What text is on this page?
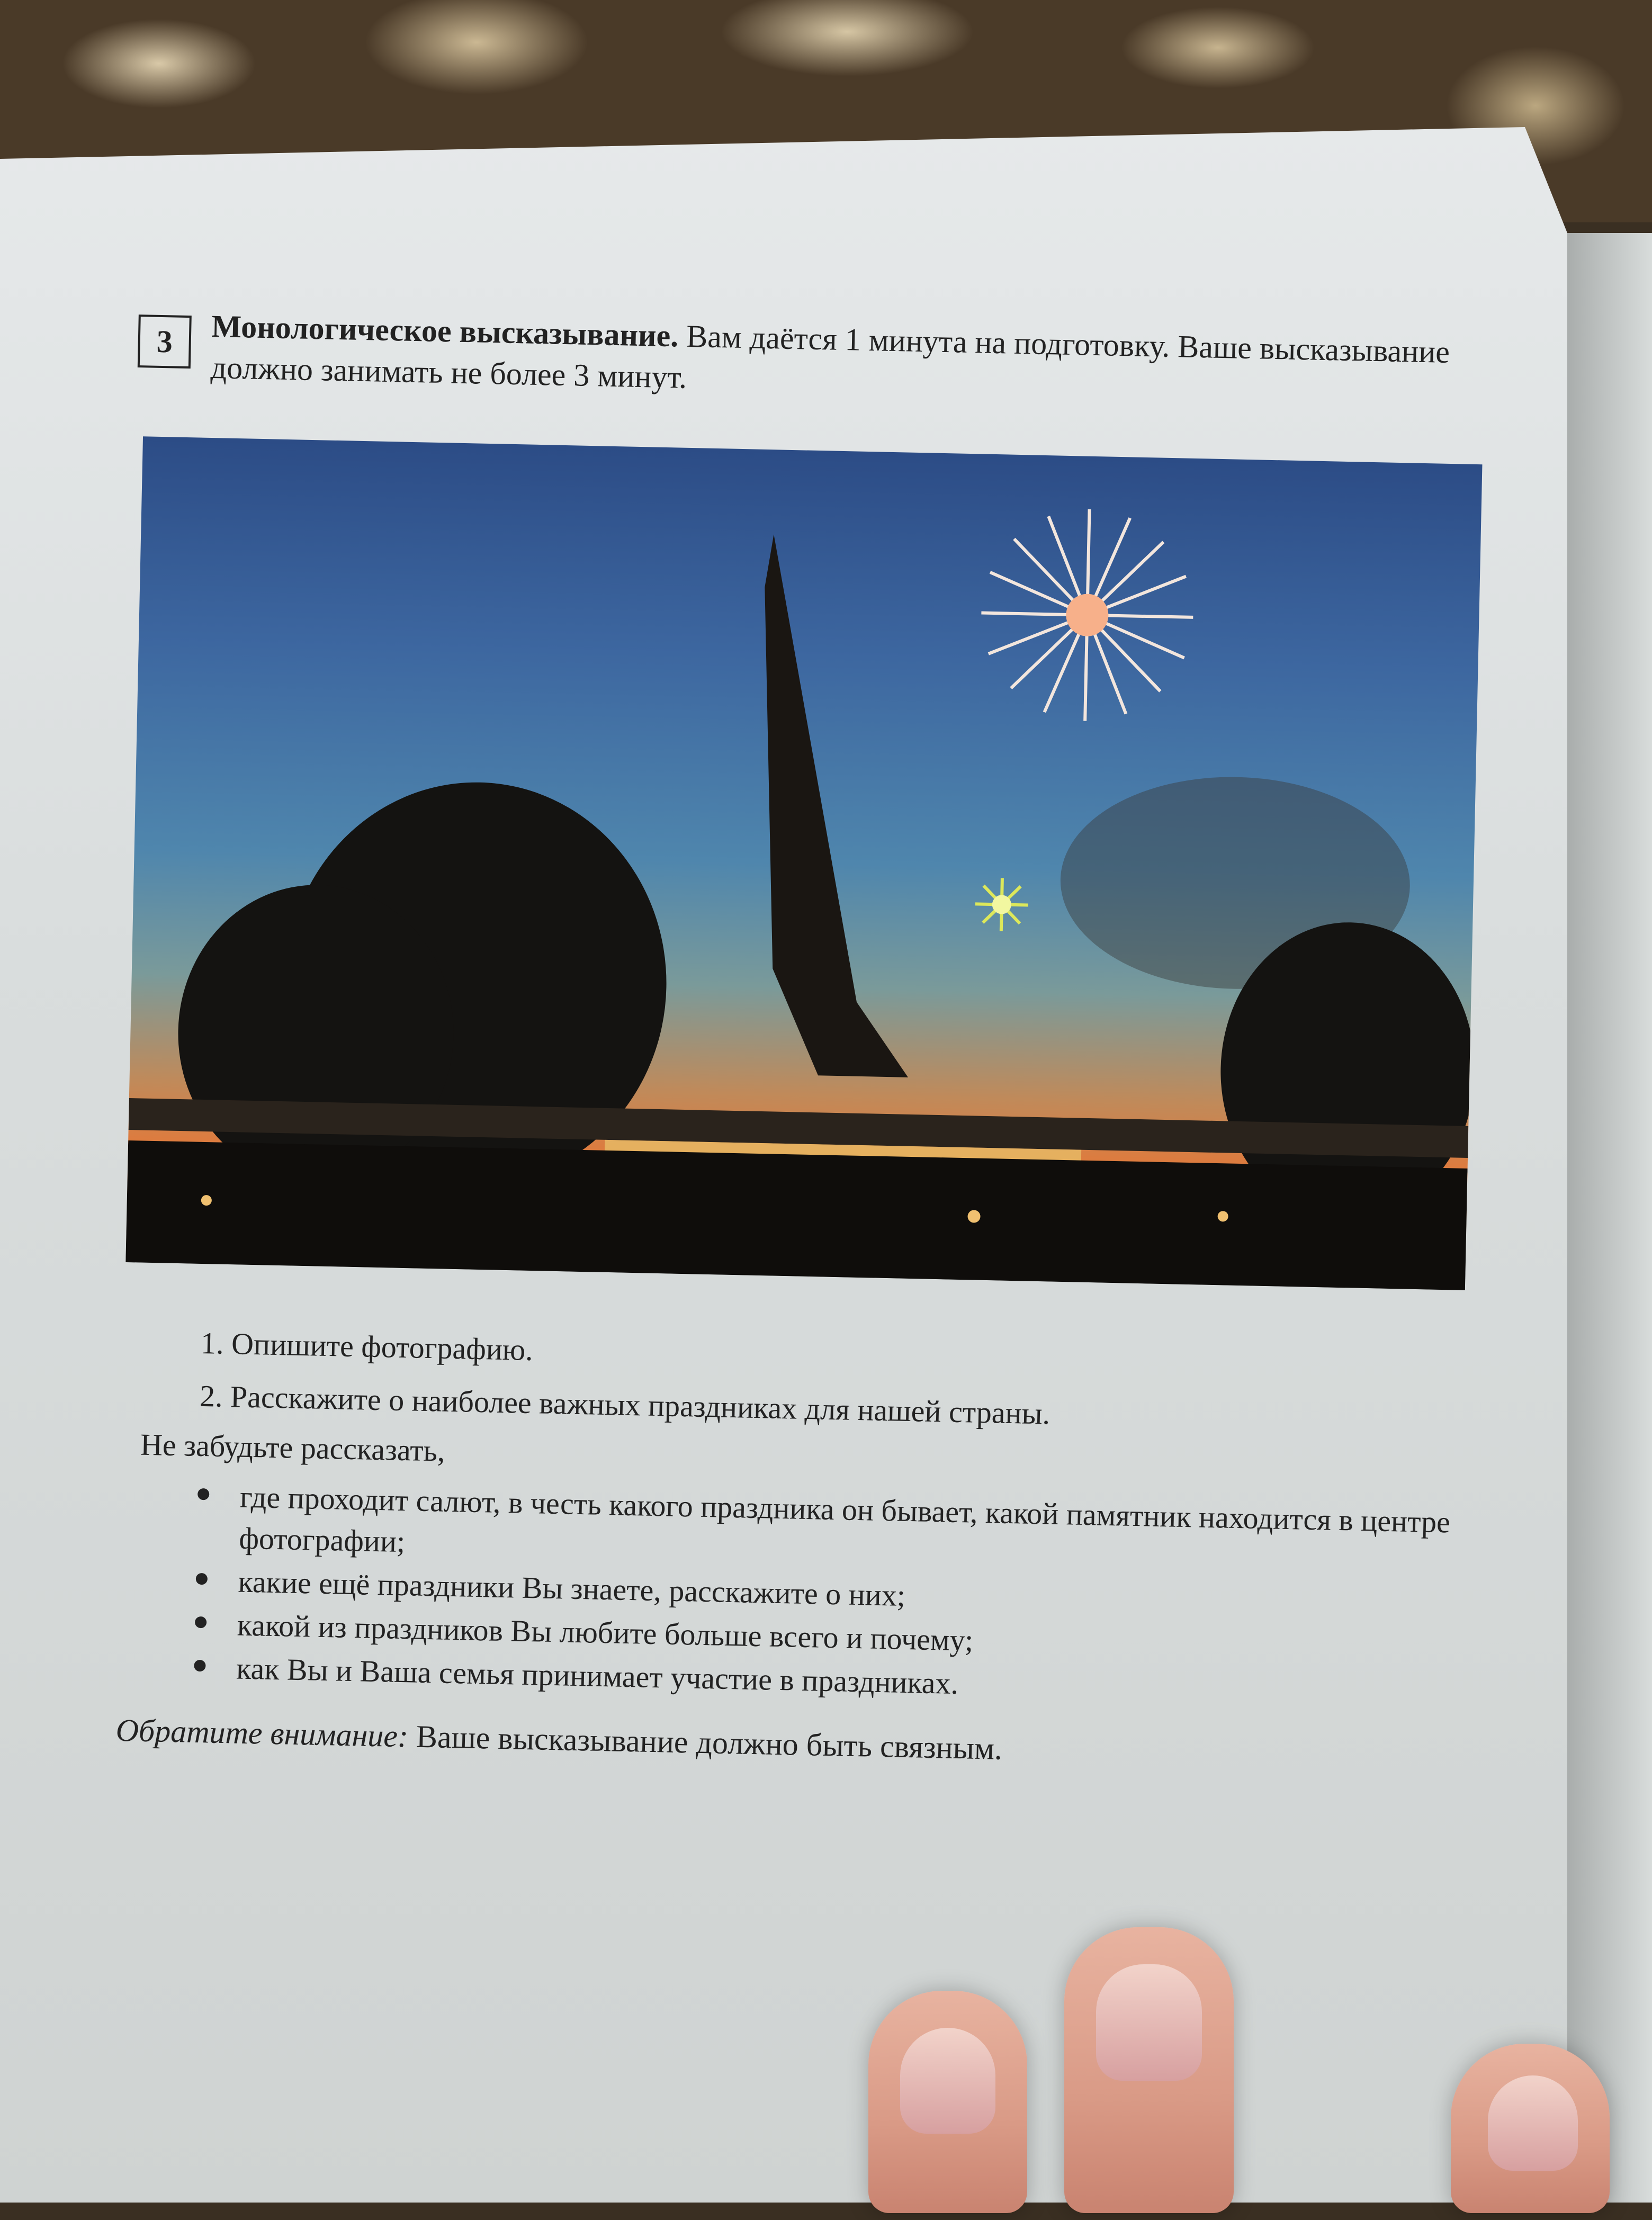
3	Монологическое высказывание. Вам даётся 1 минута на подготовку. Ваше высказывание должно занимать не более 3 минут.
1. Опишите фотографию.
2. Расскажите о наиболее важных праздниках для нашей страны.
Не забудьте рассказать,
где проходит салют, в честь какого праздника он бывает, какой памятник находится в центре фотографии;
какие ещё праздники Вы знаете, расскажите о них;
какой из праздников Вы любите больше всего и почему;
как Вы и Ваша семья принимает участие в праздниках.
Обратите внимание: Ваше высказывание должно быть связным.
